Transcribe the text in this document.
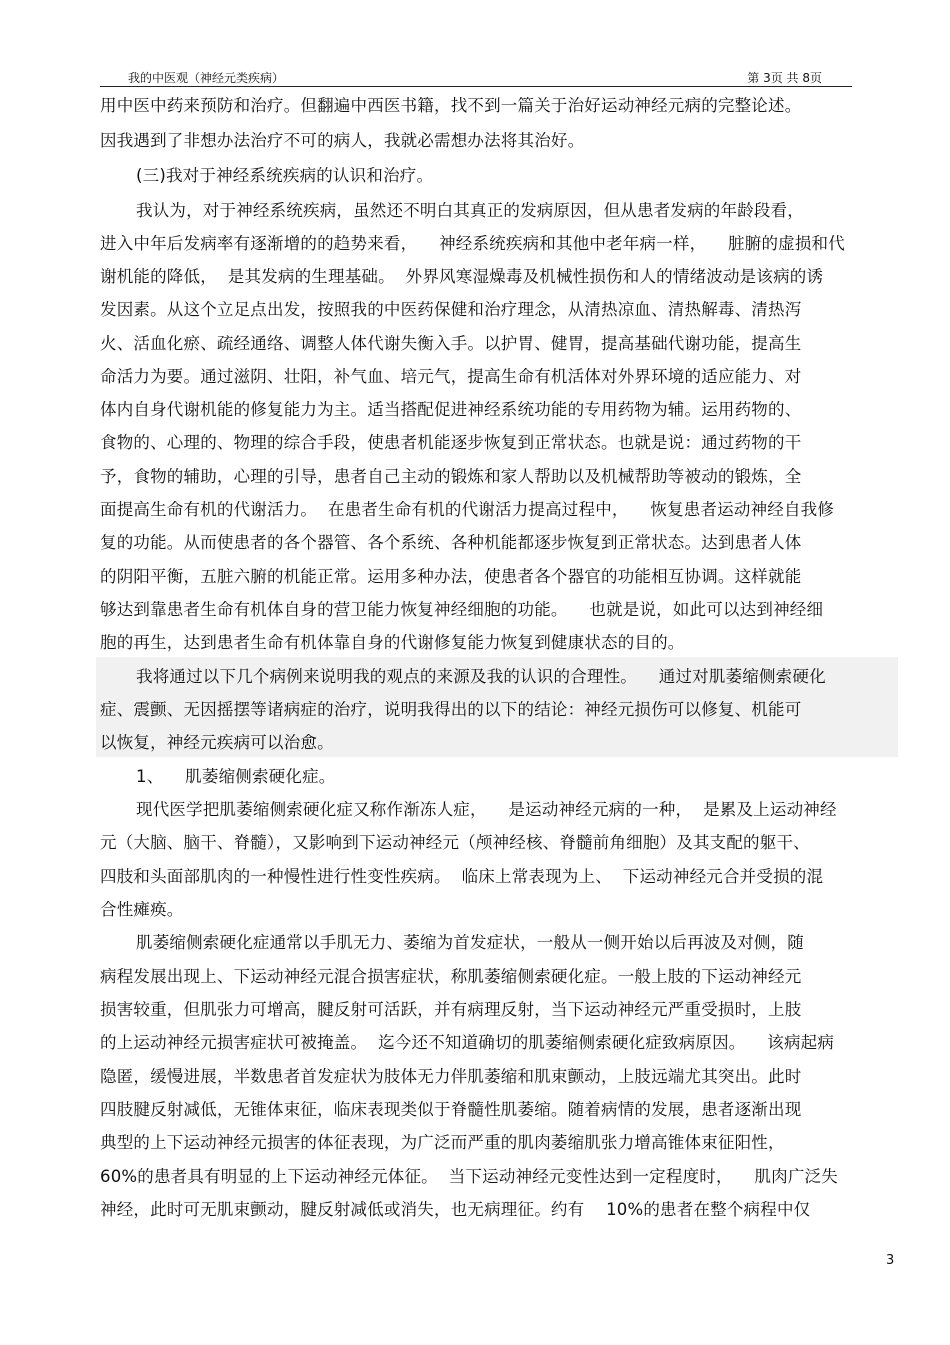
我的中医观（神经元类疾病）	第 3页 共 8页
用中医中药来预防和治疗。但翻遍中西医书籍，找不到一篇关于治好运动神经元病的完整论述。
因我遇到了非想办法治疗不可的病人，我就必需想办法将其治好。
(三)我对于神经系统疾病的认识和治疗。
我认为，对于神经系统疾病，虽然还不明白其真正的发病原因，但从患者发病的年龄段看，
进入中年后发病率有逐渐增的的趋势来看，    神经系统疾病和其他中老年病一样，    脏腑的虚损和代
谢机能的降低，  是其发病的生理基础。  外界风寒湿燥毒及机械性损伤和人的情绪波动是该病的诱
发因素。从这个立足点出发，按照我的中医药保健和治疗理念，从清热凉血、清热解毒、清热泻
火、活血化瘀、疏经通络、调整人体代谢失衡入手。以护胃、健胃，提高基础代谢功能，提高生
命活力为要。通过滋阴、壮阳，补气血、培元气，提高生命有机活体对外界环境的适应能力、对
体内自身代谢机能的修复能力为主。适当搭配促进神经系统功能的专用药物为辅。运用药物的、
食物的、心理的、物理的综合手段，使患者机能逐步恢复到正常状态。也就是说：通过药物的干
予，食物的辅助，心理的引导，患者自己主动的锻炼和家人帮助以及机械帮助等被动的锻炼，全
面提高生命有机的代谢活力。  在患者生命有机的代谢活力提高过程中，    恢复患者运动神经自我修
复的功能。从而使患者的各个器管、各个系统、各种机能都逐步恢复到正常状态。达到患者人体
的阴阳平衡，五脏六腑的机能正常。运用多种办法，使患者各个器官的功能相互协调。这样就能
够达到靠患者生命有机体自身的营卫能力恢复神经细胞的功能。    也就是说，如此可以达到神经细
胞的再生，达到患者生命有机体靠自身的代谢修复能力恢复到健康状态的目的。
我将通过以下几个病例来说明我的观点的来源及我的认识的合理性。    通过对肌萎缩侧索硬化
症、震颤、无因摇摆等诸病症的治疗，说明我得出的以下的结论：神经元损伤可以修复、机能可
以恢复，神经元疾病可以治愈。
1、    肌萎缩侧索硬化症。
现代医学把肌萎缩侧索硬化症又称作渐冻人症，    是运动神经元病的一种，  是累及上运动神经
元（大脑、脑干、脊髓），又影响到下运动神经元（颅神经核、脊髓前角细胞）及其支配的躯干、
四肢和头面部肌肉的一种慢性进行性变性疾病。  临床上常表现为上、  下运动神经元合并受损的混
合性瘫痪。
肌萎缩侧索硬化症通常以手肌无力、萎缩为首发症状，一般从一侧开始以后再波及对侧，随
病程发展出现上、下运动神经元混合损害症状，称肌萎缩侧索硬化症。一般上肢的下运动神经元
损害较重，但肌张力可增高，腱反射可活跃，并有病理反射，当下运动神经元严重受损时，上肢
的上运动神经元损害症状可被掩盖。  迄今还不知道确切的肌萎缩侧索硬化症致病原因。    该病起病
隐匿，缓慢进展，半数患者首发症状为肢体无力伴肌萎缩和肌束颤动，上肢远端尤其突出。此时
四肢腱反射减低，无锥体束征，临床表现类似于脊髓性肌萎缩。随着病情的发展，患者逐渐出现
典型的上下运动神经元损害的体征表现，为广泛而严重的肌肉萎缩肌张力增高锥体束征阳性，
60%的患者具有明显的上下运动神经元体征。  当下运动神经元变性达到一定程度时，    肌肉广泛失
神经，此时可无肌束颤动，腱反射减低或消失，也无病理征。约有    10%的患者在整个病程中仅
3
